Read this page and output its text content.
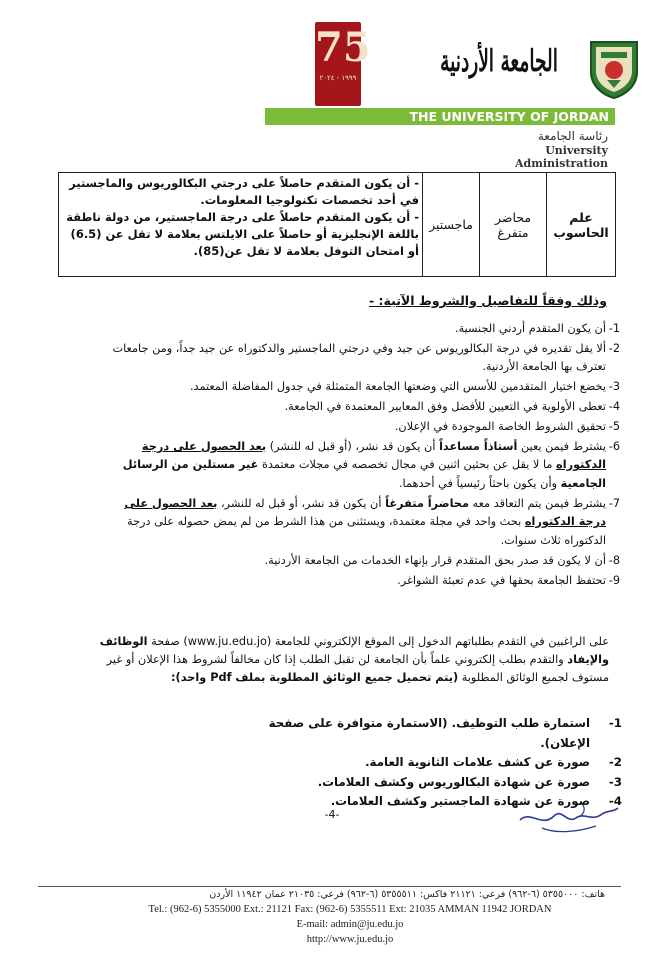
75
١٩٩٩ - ٢٠٢٤	الجامعة الأردنية
THE UNIVERSITY OF JORDAN
رئاسة الجامعة
University Administration
علم الحاسوب	محاضر متفرغ	ماجستير	

- أن يكون المتقدم حاصلاً على درجتي البكالوريوس والماجستير في أحد تخصصات تكنولوجيا المعلومات.

- أن يكون المتقدم حاصلاً على درجة الماجستير، من دولة ناطقة باللغة الإنجليزية أو حاصلاً على الايلتس بعلامة لا تقل عن (6.5) أو امتحان التوفل بعلامة لا تقل عن(85).

وذلك وفقاً للتفاصيل والشروط الآتية: -
1-
أن يكون المتقدم أردني الجنسية.
2-
ألا يقل تقديره في درجة البكالوريوس عن جيد وفي درجتي الماجستير والدكتوراه عن جيد جداً، ومن جامعات تعترف بها الجامعة الأردنية.
3-
يخضع اختيار المتقدمين للأسس التي وضعتها الجامعة المتمثلة في جدول المفاضلة المعتمد.
4-
تعطى الأولوية في التعيين للأفضل وفق المعايير المعتمدة في الجامعة.
5-
تحقيق الشروط الخاصة الموجودة في الإعلان.
6-
يشترط فيمن يعين أستاذاً مساعداً أن يكون قد نشر، (أو قبل له للنشر) بعد الحصول على درجة الدكتوراه ما لا يقل عن بحثين اثنين في مجال تخصصه في مجلات معتمدة غير مستلين من الرسائل الجامعية وأن يكون باحثاً رئيسياً في أحدهما.
7-
يشترط فيمن يتم التعاقد معه محاضراً متفرغاً أن يكون قد نشر، أو قبل له للنشر، بعد الحصول على درجة الدكتوراه بحث واحد في مجلة معتمدة، ويستثنى من هذا الشرط من لم يمض حصوله على درجة الدكتوراه ثلاث سنوات.
8-
أن لا يكون قد صدر بحق المتقدم قرار بإنهاء الخدمات من الجامعة الأردنية.
9-
تحتفظ الجامعة بحقها في عدم تعبئة الشواغر.
على الراغبين في التقدم بطلباتهم الدخول إلى الموقع الإلكتروني للجامعة (www.ju.edu.jo) صفحة الوظائف والإيفاد والتقدم بطلب إلكتروني علماً بأن الجامعة لن تقبل الطلب إذا كان مخالفاً لشروط هذا الإعلان أو غير مستوف لجميع الوثائق المطلوبة (يتم تحميل جميع الوثائق المطلوبة بملف Pdf واحد):
1-
استمارة طلب التوظيف. (الاستمارة متوافرة على صفحة الإعلان).
2-
صورة عن كشف علامات الثانوية العامة.
3-
صورة عن شهادة البكالوريوس وكشف العلامات.
4-
صورة عن شهادة الماجستير وكشف العلامات.
-4-
هاتف: ٥٣٥٥٠٠٠ (٦-٩٦٢) فرعي: ٢١١٢١ فاكس: ٥٣٥٥٥١١ (٦-٩٦٢) فرعي: ٢١٠٣٥ عمان ١١٩٤٢ الأردن
Tel.: (962-6) 5355000 Ext.: 21121 Fax: (962-6) 5355511 Ext: 21035 AMMAN 11942 JORDAN
E-mail: admin@ju.edu.jo
http://www.ju.edu.jo
